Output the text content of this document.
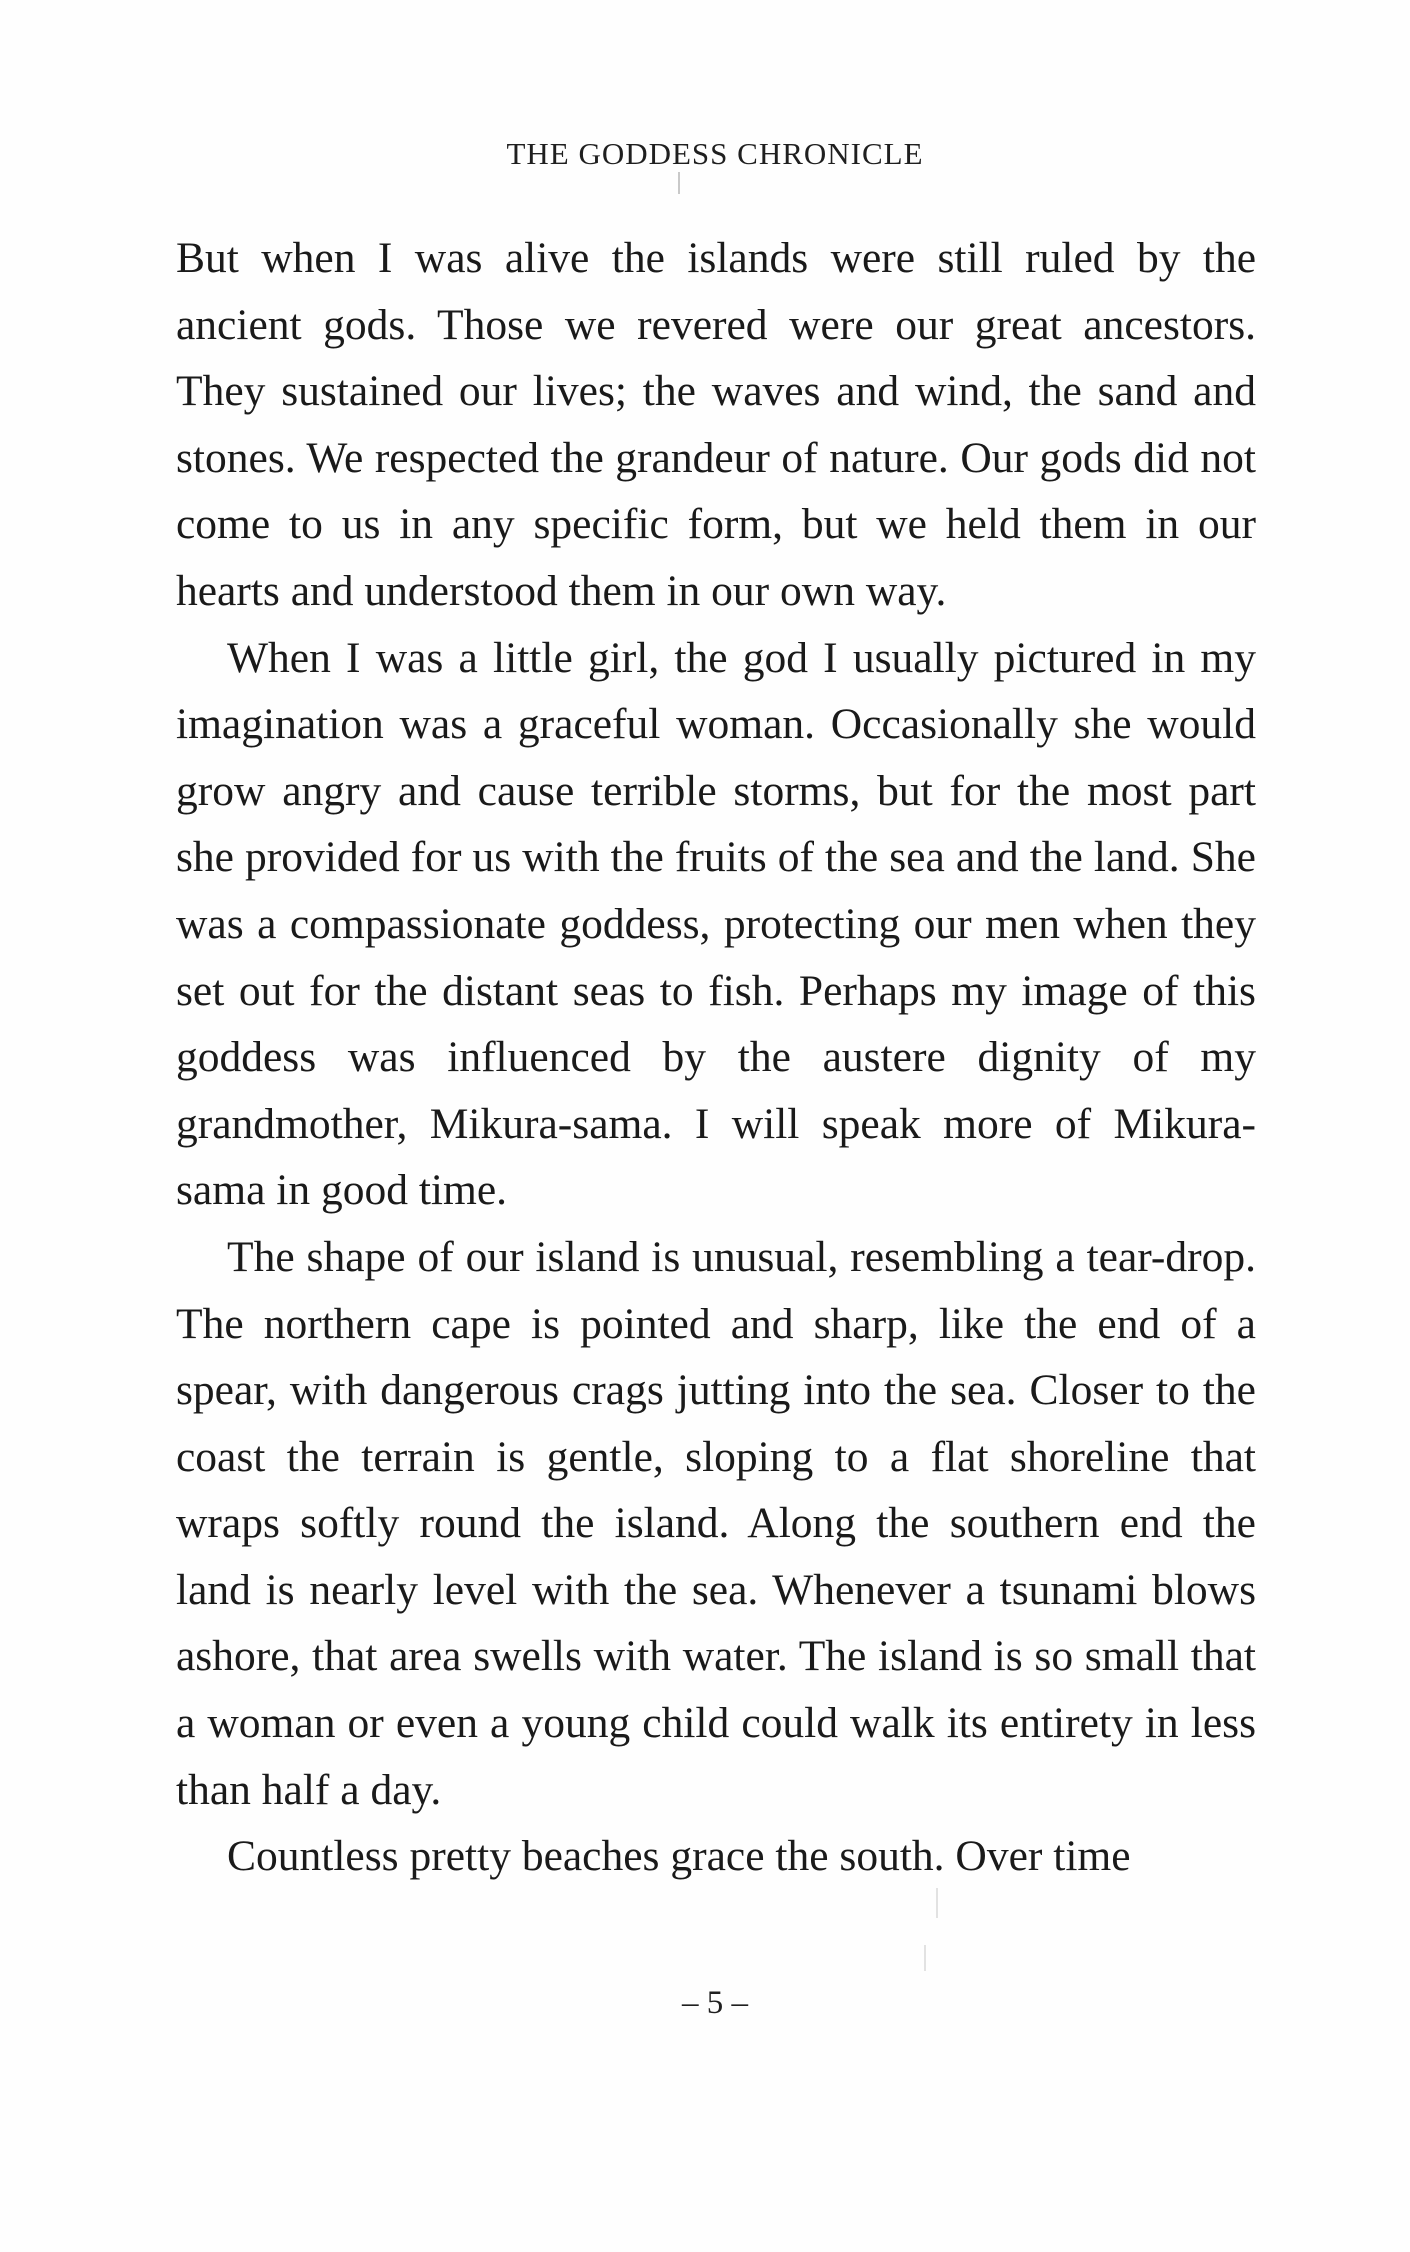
THE GODDESS CHRONICLE

But when I was alive the islands were still ruled by the ancient gods. Those we revered were our great ancestors. They sustained our lives; the waves and wind, the sand and stones. We respected the grandeur of nature. Our gods did not come to us in any specific form, but we held them in our hearts and understood them in our own way.

When I was a little girl, the god I usually pictured in my imagination was a graceful woman. Occasionally she would grow angry and cause terrible storms, but for the most part she provided for us with the fruits of the sea and the land. She was a compassionate goddess, protecting our men when they set out for the distant seas to fish. Perhaps my image of this goddess was influenced by the austere dignity of my grandmother, Mikura-sama. I will speak more of Mikura-sama in good time.

The shape of our island is unusual, resembling a tear-drop. The northern cape is pointed and sharp, like the end of a spear, with dangerous crags jutting into the sea. Closer to the coast the terrain is gentle, sloping to a flat shoreline that wraps softly round the island. Along the southern end the land is nearly level with the sea. Whenever a tsunami blows ashore, that area swells with water. The island is so small that a woman or even a young child could walk its entirety in less than half a day.

Countless pretty beaches grace the south. Over time

– 5 –
